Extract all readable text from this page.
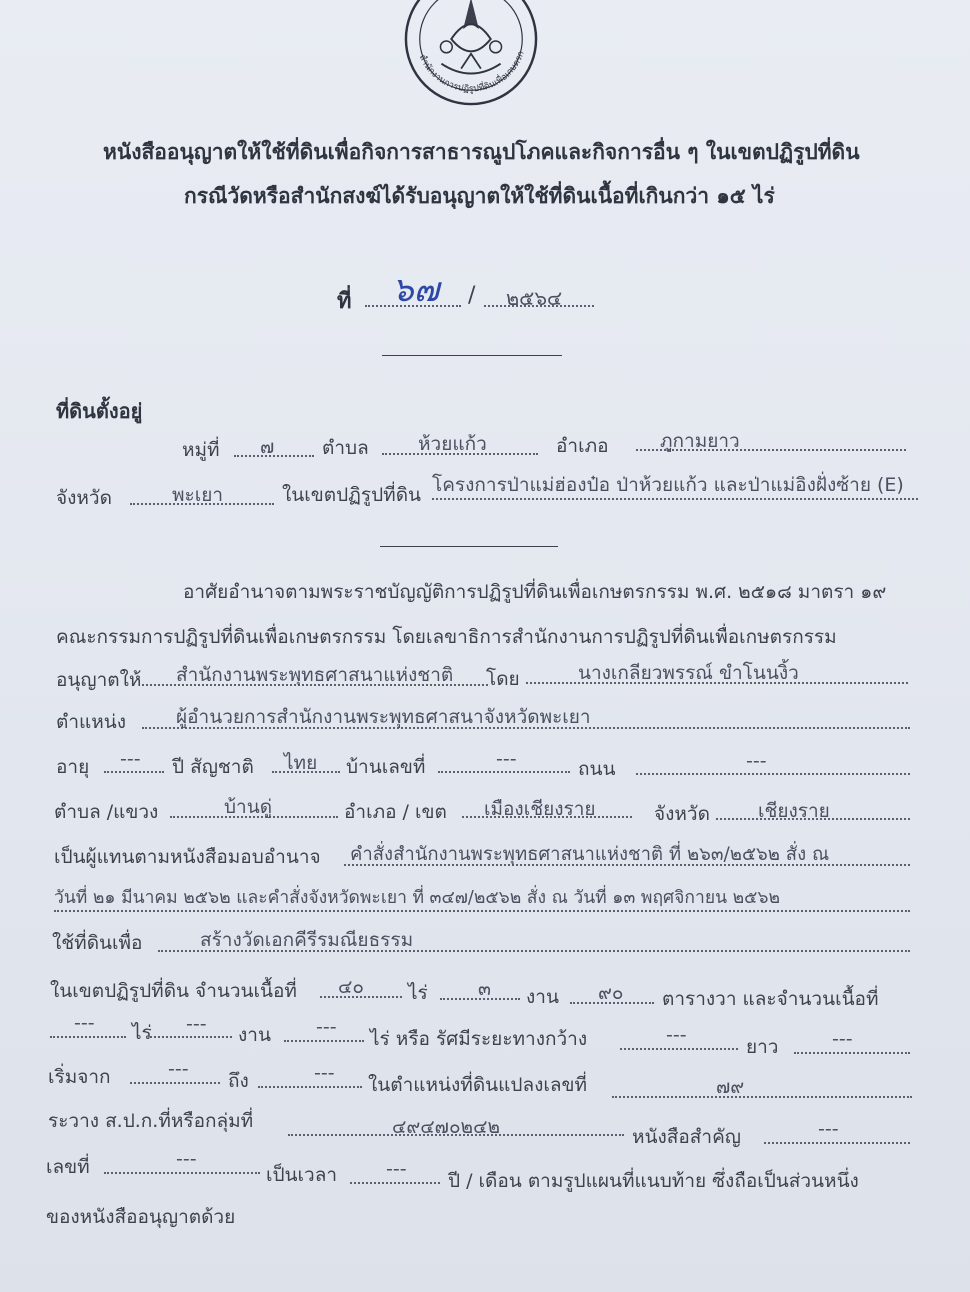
สำนักงานการปฏิรูปที่ดินเพื่อเกษตรก
หนังสืออนุญาตให้ใช้ที่ดินเพื่อกิจการสาธารณูปโภคและกิจการอื่น ๆ ในเขตปฏิรูปที่ดิน
กรณีวัดหรือสำนักสงฆ์ได้รับอนุญาตให้ใช้ที่ดินเนื้อที่เกินกว่า ๑๕ ไร่
ที่ ๖๗ / ๒๕๖๔
ที่ดินตั้งอยู่
หมู่ที่ ๗	ตำบล	ห้วยแก้ว	อำเภอ	ภูกามยาว
จังหวัด	พะเยา	ในเขตปฏิรูปที่ดิน โครงการป่าแม่ฮ่องป๋อ ป่าห้วยแก้ว และป่าแม่อิงฝั่งซ้าย (E)
อาศัยอำนาจตามพระราชบัญญัติการปฏิรูปที่ดินเพื่อเกษตรกรรม พ.ศ. ๒๕๑๘ มาตรา ๑๙
คณะกรรมการปฏิรูปที่ดินเพื่อเกษตรกรรม โดยเลขาธิการสำนักงานการปฏิรูปที่ดินเพื่อเกษตรกรรม
อนุญาตให้ สำนักงานพระพุทธศาสนาแห่งชาติ โดย	นางเกลียวพรรณ์ ขำโนนงิ้ว
ตำแหน่ง	ผู้อำนวยการสำนักงานพระพุทธศาสนาจังหวัดพะเยา
อายุ --- ปี สัญชาติ ไทย บ้านเลขที่	---	ถนน	---
ตำบล /แขวง	บ้านดู่	อำเภอ / เขต เมืองเชียงราย	จังหวัด	เชียงราย
เป็นผู้แทนตามหนังสือมอบอำนาจ คำสั่งสำนักงานพระพุทธศาสนาแห่งชาติ ที่ ๒๖๓/๒๕๖๒ สั่ง ณ
วันที่ ๒๑ มีนาคม ๒๕๖๒ และคำสั่งจังหวัดพะเยา ที่ ๓๔๗/๒๕๖๒ สั่ง ณ วันที่ ๑๓ พฤศจิกายน ๒๕๖๒
ใช้ที่ดินเพื่อ	สร้างวัดเอกคีรีรมณียธรรม
ในเขตปฏิรูปที่ดิน จำนวนเนื้อที่ ๔๐ ไร่	๓ งาน ๙๐ ตารางวา และจำนวนเนื้อที่
--- ไร่ --- งาน ---
ไร่ หรือ รัศมีระยะทางกว้าง	---
ยาว	---
เริ่มจาก	---
ถึง	---
ในตำแหน่งที่ดินแปลงเลขที่	๗๙
ระวาง ส.ป.ก.ที่หรือกลุ่มที่	๔๙๔๗๐๒๔๒	หนังสือสำคัญ	---
เลขที่	---
เป็นเวลา	---
ปี / เดือน ตามรูปแผนที่แนบท้าย ซึ่งถือเป็นส่วนหนึ่ง
ของหนังสืออนุญาตด้วย
